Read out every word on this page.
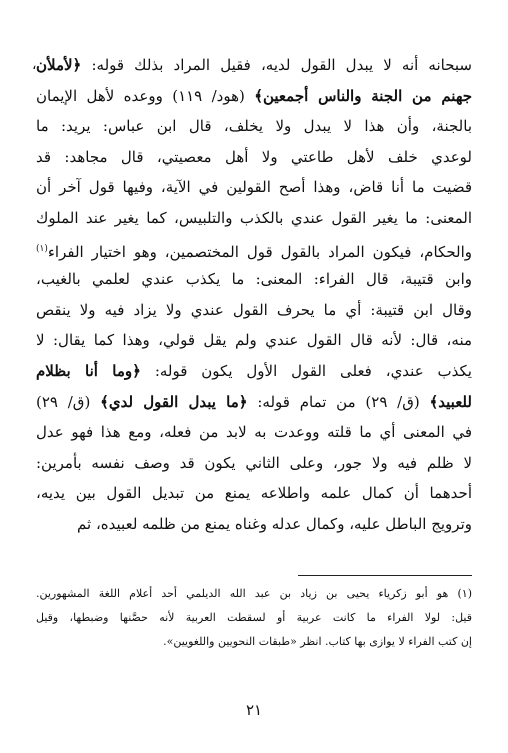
،	سبحانه أنه لا يبدل القول لديه، فقيل المراد بذلك قوله: ﴿لأملأن
جهنم من الجنة والناس أجمعين﴾ (هود/ ١١٩) ووعده لأهل الإيمان
بالجنة، وأن هذا لا يبدل ولا يخلف، قال ابن عباس: يريد: ما
لوعدي خلف لأهل طاعتي ولا أهل معصيتي، قال مجاهد: قد
قضيت ما أنا قاض، وهذا أصح القولين في الآية، وفيها قول آخر أن
المعنى: ما يغير القول عندي بالكذب والتلبيس، كما يغير عند الملوك
والحكام، فيكون المراد بالقول قول المختصمين، وهو اختيار الفراء$^{(١)}$
وابن قتيبة، قال الفراء: المعنى: ما يكذب عندي لعلمي بالغيب،
وقال ابن قتيبة: أي ما يحرف القول عندي ولا يزاد فيه ولا ينقص
منه، قال: لأنه قال القول عندي ولم يقل قولي، وهذا كما يقال: لا
يكذب عندي، فعلى القول الأول يكون قوله: ﴿وما أنا بظلام
للعبيد﴾ (ق/ ٢٩) من تمام قوله: ﴿ما يبدل القول لدي﴾ (ق/ ٢٩)
في المعنى أي ما قلته ووعدت به لابد من فعله، ومع هذا فهو عدل
لا ظلم فيه ولا جور، وعلى الثاني يكون قد وصف نفسه بأمرين:
أحدهما أن كمال علمه واطلاعه يمنع من تبديل القول بين يديه،
وترويج الباطل عليه، وكمال عدله وغناه يمنع من ظلمه لعبيده، ثم
(١) هو أبو زكرياء يحيى بن زياد بن عبد الله الديلمي أحد أعلام اللغة المشهورين.
قيل: لولا الفراء ما كانت عربية أو لسقطت العربية لأنه حصَّنها وضبطها، وقيل
إن كتب الفراء لا يوازى بها كتاب. انظر «طبقات النحويين واللغويين».
٢١
